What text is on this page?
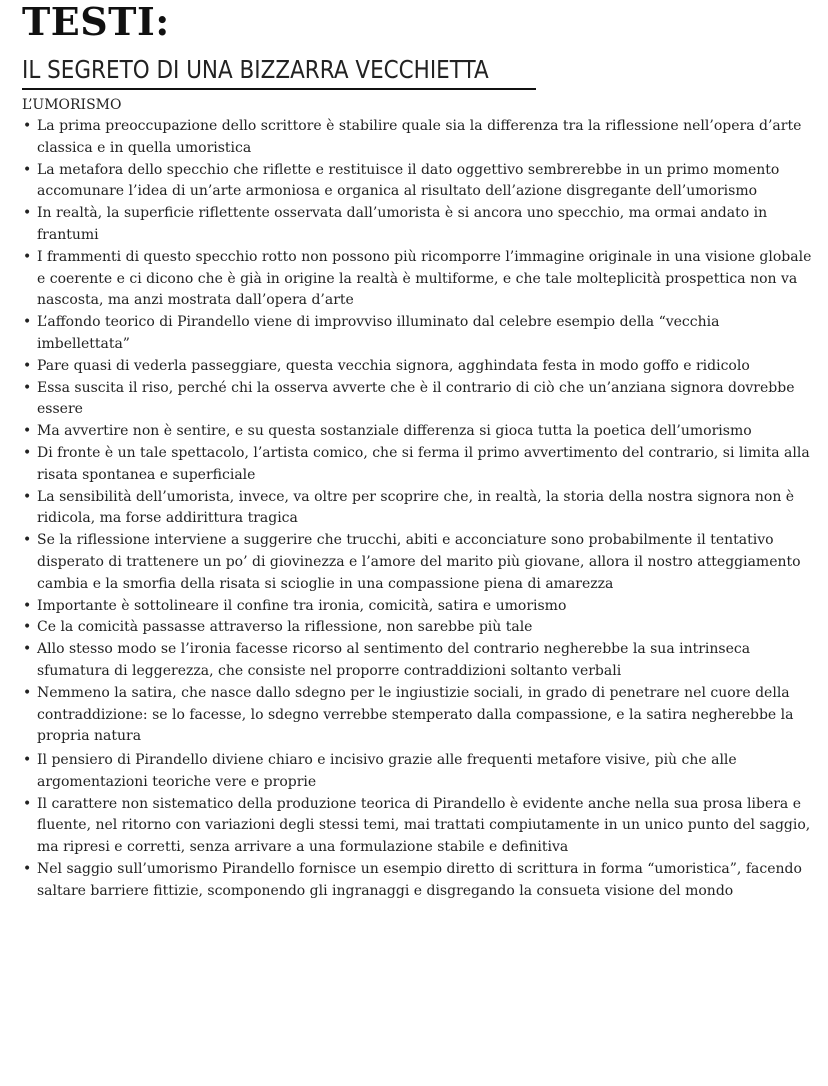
TESTI:
IL SEGRETO DI UNA BIZZARRA VECCHIETTA
L’UMORISMO
• La prima preoccupazione dello scrittore è stabilire quale sia la differenza tra la riflessione nell’opera d’arte classica e in quella umoristica
• La metafora dello specchio che riflette e restituisce il dato oggettivo sembrerebbe in un primo momento accomunare l’idea di un’arte armoniosa e organica al risultato dell’azione disgregante dell’umorismo
• In realtà, la superficie riflettente osservata dall’umorista è si ancora uno specchio, ma ormai andato in frantumi
• I frammenti di questo specchio rotto non possono più ricomporre l’immagine originale in una visione globale e coerente e ci dicono che è già in origine la realtà è multiforme, e che tale molteplicità prospettica non va nascosta, ma anzi mostrata dall’opera d’arte
• L’affondo teorico di Pirandello viene di improvviso illuminato dal celebre esempio della “vecchia imbellettata”
• Pare quasi di vederla passeggiare, questa vecchia signora, agghindata festa in modo goffo e ridicolo
• Essa suscita il riso, perché chi la osserva avverte che è il contrario di ciò che un’anziana signora dovrebbe essere
• Ma avvertire non è sentire, e su questa sostanziale differenza si gioca tutta la poetica dell’umorismo
• Di fronte è un tale spettacolo, l’artista comico, che si ferma il primo avvertimento del contrario, si limita alla risata spontanea e superficiale
• La sensibilità dell’umorista, invece, va oltre per scoprire che, in realtà, la storia della nostra signora non è ridicola, ma forse addirittura tragica
• Se la riflessione interviene a suggerire che trucchi, abiti e acconciature sono probabilmente il tentativo disperato di trattenere un po’ di giovinezza e l’amore del marito più giovane, allora il nostro atteggiamento cambia e la smorfia della risata si scioglie in una compassione piena di amarezza
• Importante è sottolineare il confine tra ironia, comicità, satira e umorismo
• Ce la comicità passasse attraverso la riflessione, non sarebbe più tale
• Allo stesso modo se l’ironia facesse ricorso al sentimento del contrario negherebbe la sua intrinseca sfumatura di leggerezza, che consiste nel proporre contraddizioni soltanto verbali
• Nemmeno la satira, che nasce dallo sdegno per le ingiustizie sociali, in grado di penetrare nel cuore della contraddizione: se lo facesse, lo sdegno verrebbe stemperato dalla compassione, e la satira negherebbe la propria natura
• Il pensiero di Pirandello diviene chiaro e incisivo grazie alle frequenti metafore visive, più che alle argomentazioni teoriche vere e proprie
• Il carattere non sistematico della produzione teorica di Pirandello è evidente anche nella sua prosa libera e fluente, nel ritorno con variazioni degli stessi temi, mai trattati compiutamente in un unico punto del saggio, ma ripresi e corretti, senza arrivare a una formulazione stabile e definitiva
• Nel saggio sull’umorismo Pirandello fornisce un esempio diretto di scrittura in forma “umoristica”, facendo saltare barriere fittizie, scomponendo gli ingranaggi e disgregando la consueta visione del mondo
